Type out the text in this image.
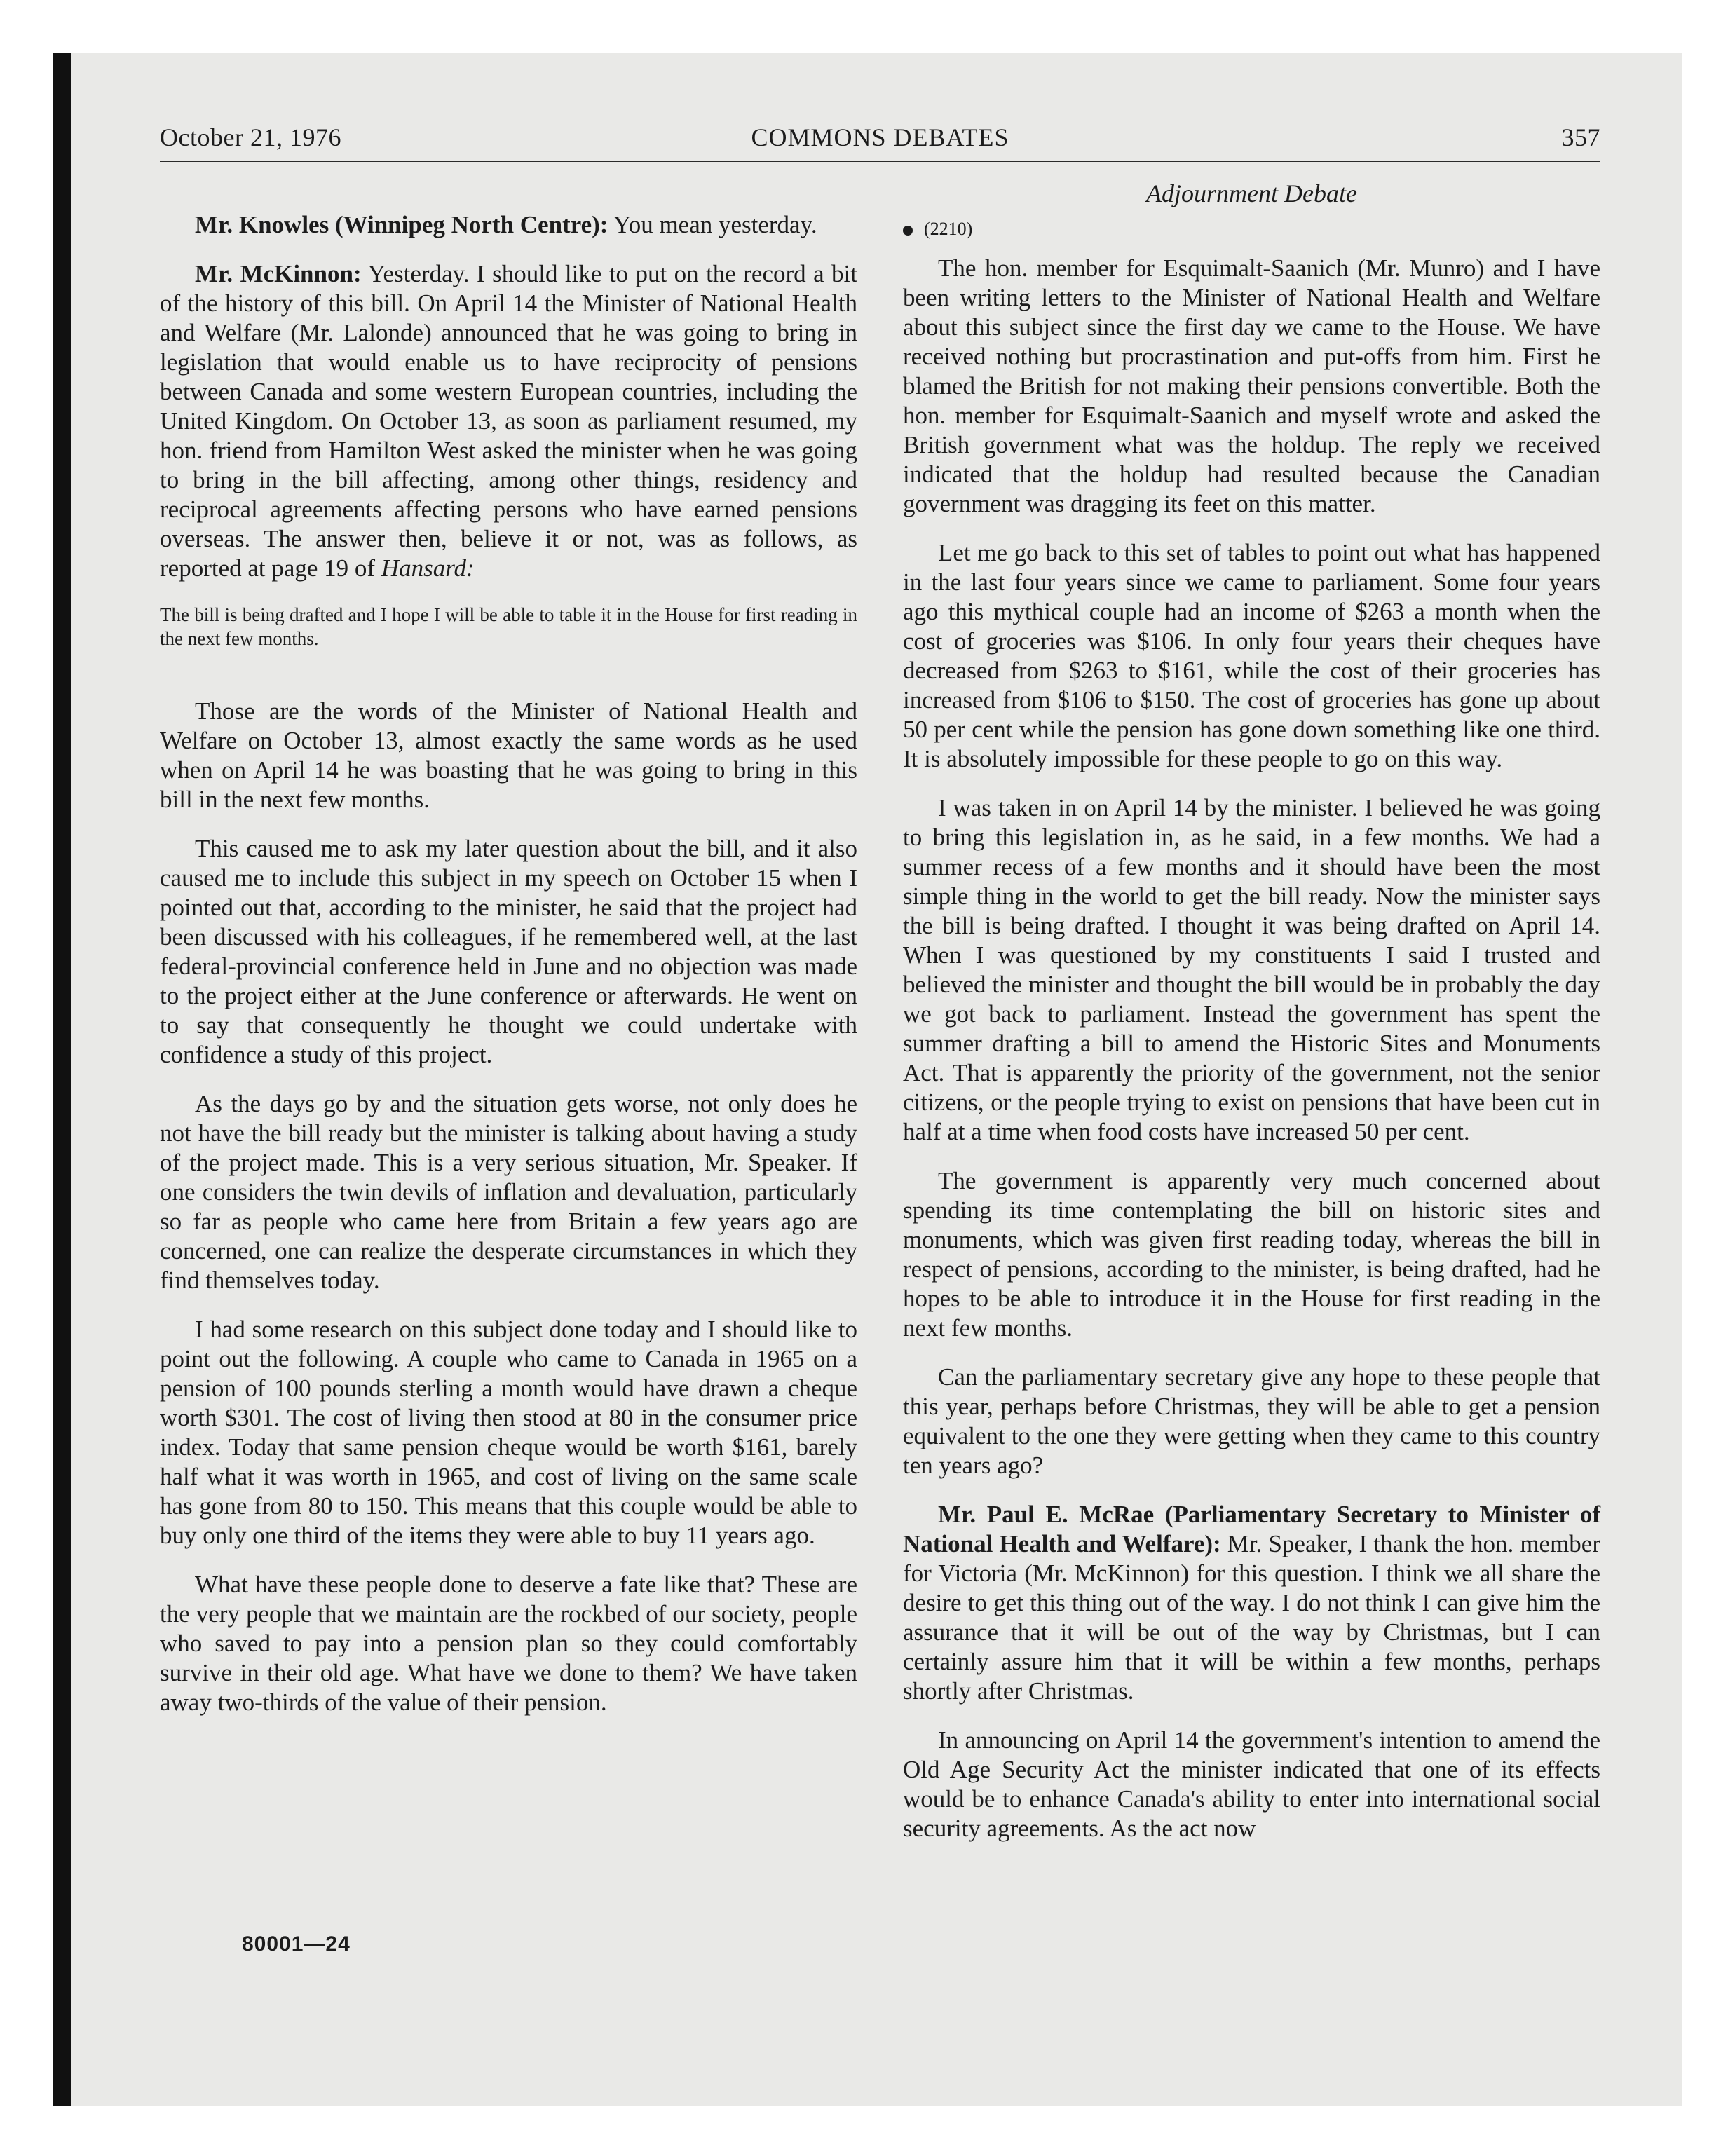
October 21, 1976	COMMONS DEBATES	357
Adjournment Debate
(2210)

Mr. Knowles (Winnipeg North Centre): You mean yesterday.

Mr. McKinnon: Yesterday. I should like to put on the record a bit of the history of this bill. On April 14 the Minister of National Health and Welfare (Mr. Lalonde) announced that he was going to bring in legislation that would enable us to have reciprocity of pensions between Canada and some western European countries, including the United Kingdom. On October 13, as soon as parliament resumed, my hon. friend from Hamilton West asked the minister when he was going to bring in the bill affecting, among other things, residency and reciprocal agreements affecting persons who have earned pensions overseas. The answer then, believe it or not, was as follows, as reported at page 19 of Hansard:

The bill is being drafted and I hope I will be able to table it in the House for first reading in the next few months.

Those are the words of the Minister of National Health and Welfare on October 13, almost exactly the same words as he used when on April 14 he was boasting that he was going to bring in this bill in the next few months.

This caused me to ask my later question about the bill, and it also caused me to include this subject in my speech on October 15 when I pointed out that, according to the minister, he said that the project had been discussed with his colleagues, if he remembered well, at the last federal-provincial conference held in June and no objection was made to the project either at the June conference or afterwards. He went on to say that consequently he thought we could undertake with confidence a study of this project.

As the days go by and the situation gets worse, not only does he not have the bill ready but the minister is talking about having a study of the project made. This is a very serious situation, Mr. Speaker. If one considers the twin devils of inflation and devaluation, particularly so far as people who came here from Britain a few years ago are concerned, one can realize the desperate circumstances in which they find themselves today.

I had some research on this subject done today and I should like to point out the following. A couple who came to Canada in 1965 on a pension of 100 pounds sterling a month would have drawn a cheque worth $301. The cost of living then stood at 80 in the consumer price index. Today that same pension cheque would be worth $161, barely half what it was worth in 1965, and cost of living on the same scale has gone from 80 to 150. This means that this couple would be able to buy only one third of the items they were able to buy 11 years ago.

What have these people done to deserve a fate like that? These are the very people that we maintain are the rockbed of our society, people who saved to pay into a pension plan so they could comfortably survive in their old age. What have we done to them? We have taken away two-thirds of the value of their pension.

The hon. member for Esquimalt-Saanich (Mr. Munro) and I have been writing letters to the Minister of National Health and Welfare about this subject since the first day we came to the House. We have received nothing but procrastination and put-offs from him. First he blamed the British for not making their pensions convertible. Both the hon. member for Esquimalt-Saanich and myself wrote and asked the British government what was the holdup. The reply we received indicated that the holdup had resulted because the Canadian government was dragging its feet on this matter.

Let me go back to this set of tables to point out what has happened in the last four years since we came to parliament. Some four years ago this mythical couple had an income of $263 a month when the cost of groceries was $106. In only four years their cheques have decreased from $263 to $161, while the cost of their groceries has increased from $106 to $150. The cost of groceries has gone up about 50 per cent while the pension has gone down something like one third. It is absolutely impossible for these people to go on this way.

I was taken in on April 14 by the minister. I believed he was going to bring this legislation in, as he said, in a few months. We had a summer recess of a few months and it should have been the most simple thing in the world to get the bill ready. Now the minister says the bill is being drafted. I thought it was being drafted on April 14. When I was questioned by my constituents I said I trusted and believed the minister and thought the bill would be in probably the day we got back to parliament. Instead the government has spent the summer drafting a bill to amend the Historic Sites and Monuments Act. That is apparently the priority of the government, not the senior citizens, or the people trying to exist on pensions that have been cut in half at a time when food costs have increased 50 per cent.

The government is apparently very much concerned about spending its time contemplating the bill on historic sites and monuments, which was given first reading today, whereas the bill in respect of pensions, according to the minister, is being drafted, had he hopes to be able to introduce it in the House for first reading in the next few months.

Can the parliamentary secretary give any hope to these people that this year, perhaps before Christmas, they will be able to get a pension equivalent to the one they were getting when they came to this country ten years ago?

Mr. Paul E. McRae (Parliamentary Secretary to Minister of National Health and Welfare): Mr. Speaker, I thank the hon. member for Victoria (Mr. McKinnon) for this question. I think we all share the desire to get this thing out of the way. I do not think I can give him the assurance that it will be out of the way by Christmas, but I can certainly assure him that it will be within a few months, perhaps shortly after Christmas.

In announcing on April 14 the government's intention to amend the Old Age Security Act the minister indicated that one of its effects would be to enhance Canada's ability to enter into international social security agreements. As the act now

80001—24
